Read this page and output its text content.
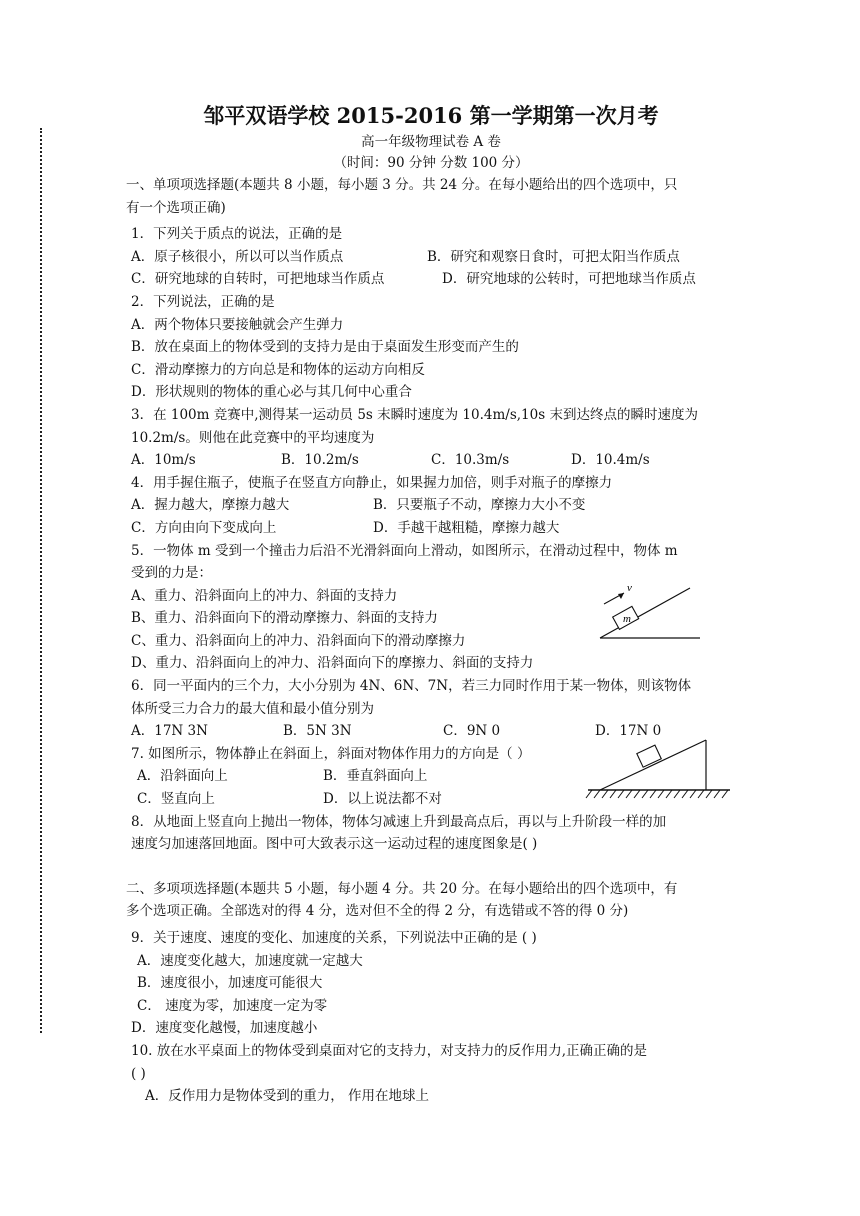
邹平双语学校 2015-2016 第一学期第一次月考
高一年级物理试卷 A 卷
（时间：90 分钟 分数 100 分）

一、单项项选择题(本题共 8 小题，每小题 3 分。共 24 分。在每小题给出的四个选项中，只

有一个选项正确)

1．下列关于质点的说法，正确的是

A．原子核很小，所以可以当作质点	B．研究和观察日食时，可把太阳当作质点
C．研究地球的自转时，可把地球当作质点	D．研究地球的公转时，可把地球当作质点

2．下列说法，正确的是

A．两个物体只要接触就会产生弹力

B．放在桌面上的物体受到的支持力是由于桌面发生形变而产生的

C．滑动摩擦力的方向总是和物体的运动方向相反

D．形状规则的物体的重心必与其几何中心重合

3．在 100m 竞赛中,测得某一运动员 5s 末瞬时速度为 10.4m/s,10s 末到达终点的瞬时速度为

10.2m/s。则他在此竞赛中的平均速度为

A．10m/s	B．10.2m/s	C．10.3m/s	D．10.4m/s

4．用手握住瓶子，使瓶子在竖直方向静止，如果握力加倍，则手对瓶子的摩擦力

A．握力越大，摩擦力越大	B．只要瓶子不动，摩擦力大小不变
C．方向由向下变成向上	D．手越干越粗糙，摩擦力越大

5．一物体 m 受到一个撞击力后沿不光滑斜面向上滑动，如图所示，在滑动过程中，物体 m

受到的力是：

A、重力、沿斜面向上的冲力、斜面的支持力

B、重力、沿斜面向下的滑动摩擦力、斜面的支持力

C、重力、沿斜面向上的冲力、沿斜面向下的滑动摩擦力

D、重力、沿斜面向上的冲力、沿斜面向下的摩擦力、斜面的支持力

6．同一平面内的三个力，大小分别为 4N、6N、7N，若三力同时作用于某一物体，则该物体

体所受三力合力的最大值和最小值分别为

A．17N 3N	B．5N 3N	C．9N 0	D．17N 0

7. 如图所示，物体静止在斜面上，斜面对物体作用力的方向是（ ）

A．沿斜面向上	B．垂直斜面向上
C．竖直向上	D．以上说法都不对

8．从地面上竖直向上抛出一物体，物体匀减速上升到最高点后，再以与上升阶段一样的加

速度匀加速落回地面。图中可大致表示这一运动过程的速度图象是( )

二、多项项选择题(本题共 5 小题，每小题 4 分。共 20 分。在每小题给出的四个选项中，有

多个选项正确。全部选对的得 4 分，选对但不全的得 2 分，有选错或不答的得 0 分)

9．关于速度、速度的变化、加速度的关系，下列说法中正确的是 ( )

A．速度变化越大，加速度就一定越大

B．速度很小，加速度可能很大

C． 速度为零，加速度一定为零

D．速度变化越慢，加速度越小

10. 放在水平桌面上的物体受到桌面对它的支持力，对支持力的反作用力,正确正确的是

( )

A．反作用力是物体受到的重力， 作用在地球上

m
v
